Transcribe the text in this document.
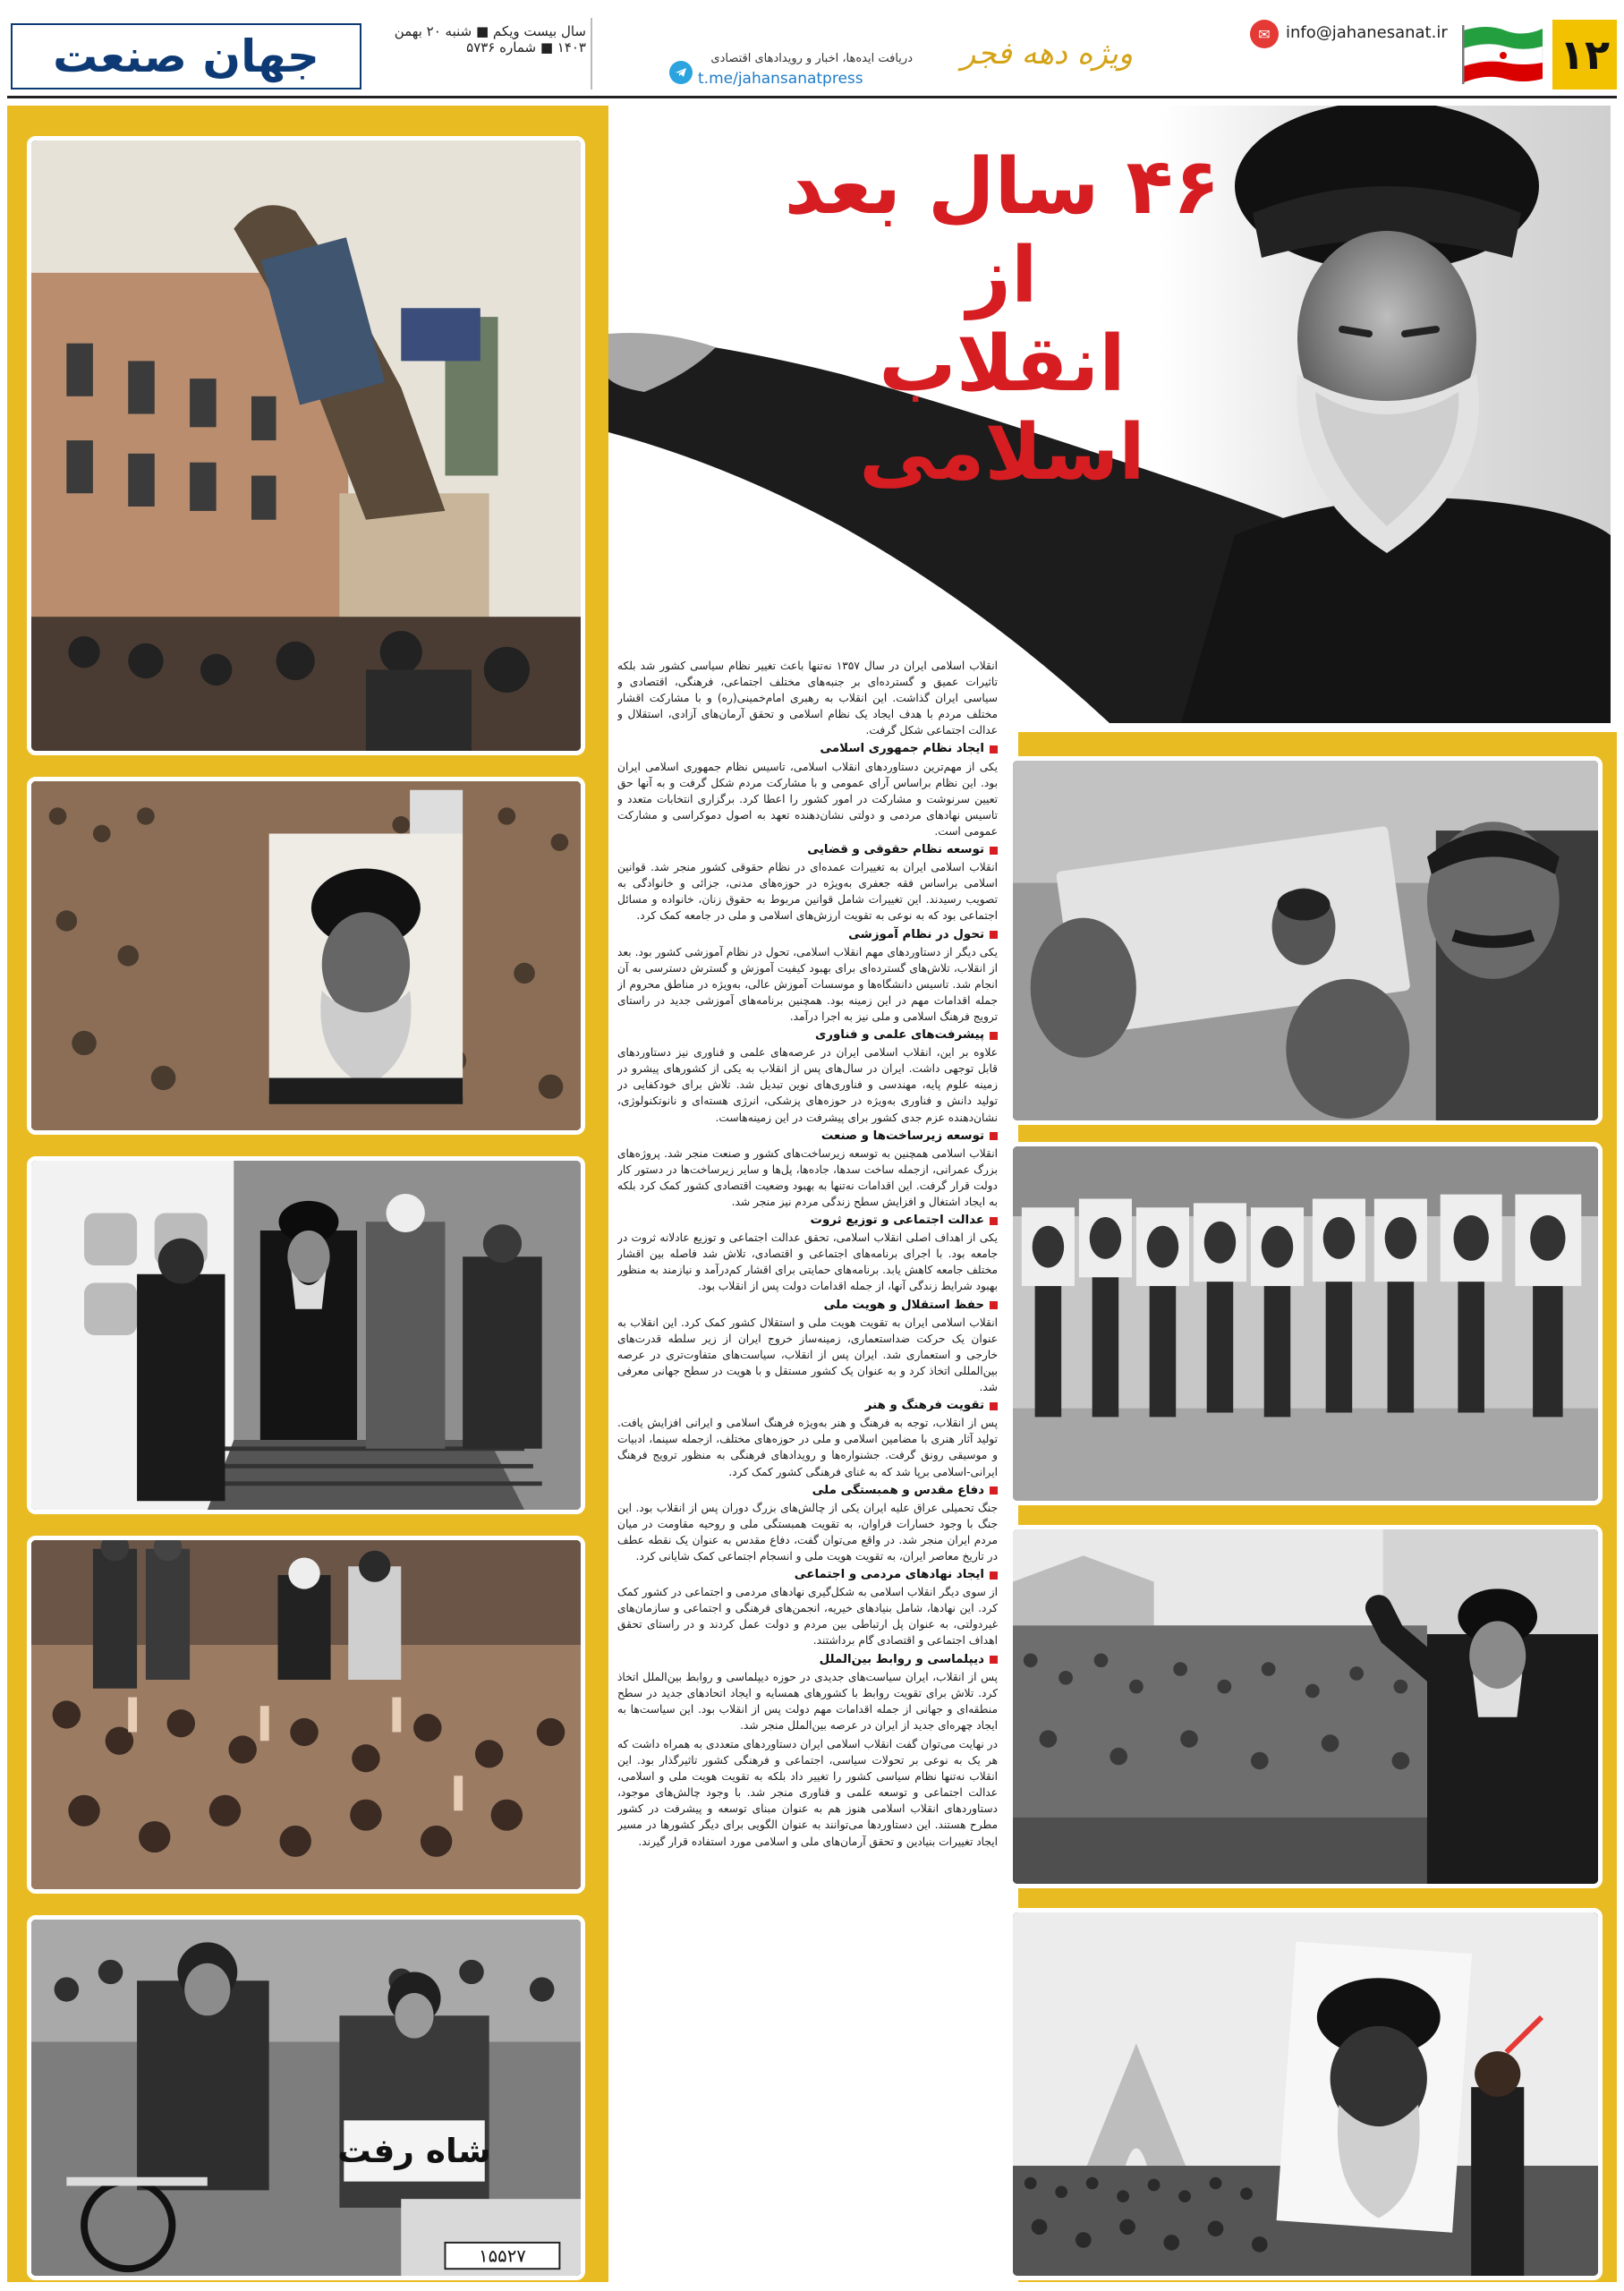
جهان صنعت	سال بیست ویکم ■ شنبه ۲۰ بهمن ۱۴۰۳ ■ شماره ۵۷۳۶
دریافت ایده‌ها، اخبار و رویدادهای اقتصادی
t.me/jahansanatpress
ویژه دهه فجر
✉ info@jahanesanat.ir	۱۲
۴۶ سال بعد از
انقلاب اسلامی
شاه رفت
۱۵۵۲۷

انقلاب اسلامی ایران در سال ۱۳۵۷ نه‌تنها باعث تغییر نظام سیاسی کشور شد بلکه تاثیرات عمیق و گسترده‌ای بر جنبه‌های مختلف اجتماعی، فرهنگی، اقتصادی و سیاسی ایران گذاشت. این انقلاب به رهبری امام‌خمینی(ره) و با مشارکت اقشار مختلف مردم با هدف ایجاد یک نظام اسلامی و تحقق آرمان‌های آزادی، استقلال و عدالت اجتماعی شکل گرفت.

ایجاد نظام جمهوری اسلامی

یکی از مهم‌ترین دستاوردهای انقلاب اسلامی، تاسیس نظام جمهوری اسلامی ایران بود. این نظام براساس آرای عمومی و با مشارکت مردم شکل گرفت و به آنها حق تعیین سرنوشت و مشارکت در امور کشور را اعطا کرد. برگزاری انتخابات متعدد و تاسیس نهادهای مردمی و دولتی نشان‌دهنده تعهد به اصول دموکراسی و مشارکت عمومی است.

توسعه نظام حقوقی و قضایی

انقلاب اسلامی ایران به تغییرات عمده‌ای در نظام حقوقی کشور منجر شد. قوانین اسلامی براساس فقه جعفری به‌ویژه در حوزه‌های مدنی، جزائی و خانوادگی به تصویب رسیدند. این تغییرات شامل قوانین مربوط به حقوق زنان، خانواده و مسائل اجتماعی بود که به نوعی به تقویت ارزش‌های اسلامی و ملی در جامعه کمک کرد.

تحول در نظام آموزشی

یکی دیگر از دستاوردهای مهم انقلاب اسلامی، تحول در نظام آموزشی کشور بود. بعد از انقلاب، تلاش‌های گسترده‌ای برای بهبود کیفیت آموزش و گسترش دسترسی به آن انجام شد. تاسیس دانشگاه‌ها و موسسات آموزش عالی، به‌ویژه در مناطق محروم از جمله اقدامات مهم در این زمینه بود. همچنین برنامه‌های آموزشی جدید در راستای ترویج فرهنگ اسلامی و ملی نیز به اجرا درآمد.

پیشرفت‌های علمی و فناوری

علاوه بر این، انقلاب اسلامی ایران در عرصه‌های علمی و فناوری نیز دستاوردهای قابل توجهی داشت. ایران در سال‌های پس از انقلاب به یکی از کشورهای پیشرو در زمینه علوم پایه، مهندسی و فناوری‌های نوین تبدیل شد. تلاش برای خودکفایی در تولید دانش و فناوری به‌ویژه در حوزه‌های پزشکی، انرژی هسته‌ای و نانوتکنولوژی، نشان‌دهنده عزم جدی کشور برای پیشرفت در این زمینه‌هاست.

توسعه زیرساخت‌ها و صنعت

انقلاب اسلامی همچنین به توسعه زیرساخت‌های کشور و صنعت منجر شد. پروژه‌های بزرگ عمرانی، ازجمله ساخت سدها، جاده‌ها، پل‌ها و سایر زیرساخت‌ها در دستور کار دولت قرار گرفت. این اقدامات نه‌تنها به بهبود وضعیت اقتصادی کشور کمک کرد بلکه به ایجاد اشتغال و افزایش سطح زندگی مردم نیز منجر شد.

عدالت اجتماعی و توزیع ثروت

یکی از اهداف اصلی انقلاب اسلامی، تحقق عدالت اجتماعی و توزیع عادلانه ثروت در جامعه بود. با اجرای برنامه‌های اجتماعی و اقتصادی، تلاش شد فاصله بین اقشار مختلف جامعه کاهش یابد. برنامه‌های حمایتی برای اقشار کم‌درآمد و نیازمند به منظور بهبود شرایط زندگی آنها، از جمله اقدامات دولت پس از انقلاب بود.

حفظ استقلال و هویت ملی

انقلاب اسلامی ایران به تقویت هویت ملی و استقلال کشور کمک کرد. این انقلاب به عنوان یک حرکت ضداستعماری، زمینه‌ساز خروج ایران از زیر سلطه قدرت‌های خارجی و استعماری شد. ایران پس از انقلاب، سیاست‌های متفاوت‌تری در عرصه بین‌المللی اتخاذ کرد و به عنوان یک کشور مستقل و با هویت در سطح جهانی معرفی شد.

تقویت فرهنگ و هنر

پس از انقلاب، توجه به فرهنگ و هنر به‌ویژه فرهنگ اسلامی و ایرانی افزایش یافت. تولید آثار هنری با مضامین اسلامی و ملی در حوزه‌های مختلف، ازجمله سینما، ادبیات و موسیقی رونق گرفت. جشنواره‌ها و رویدادهای فرهنگی به منظور ترویج فرهنگ ایرانی-اسلامی برپا شد که به غنای فرهنگی کشور کمک کرد.

دفاع مقدس و همبستگی ملی

جنگ تحمیلی عراق علیه ایران یکی از چالش‌های بزرگ دوران پس از انقلاب بود. این جنگ با وجود خسارات فراوان، به تقویت همبستگی ملی و روحیه مقاومت در میان مردم ایران منجر شد. در واقع می‌توان گفت، دفاع مقدس به عنوان یک نقطه عطف در تاریخ معاصر ایران، به تقویت هویت ملی و انسجام اجتماعی کمک شایانی کرد.

ایجاد نهادهای مردمی و اجتماعی

از سوی دیگر انقلاب اسلامی به شکل‌گیری نهادهای مردمی و اجتماعی در کشور کمک کرد. این نهادها، شامل بنیادهای خیریه، انجمن‌های فرهنگی و اجتماعی و سازمان‌های غیردولتی، به عنوان پل ارتباطی بین مردم و دولت عمل کردند و در راستای تحقق اهداف اجتماعی و اقتصادی گام برداشتند.

دیپلماسی و روابط بین‌الملل

پس از انقلاب، ایران سیاست‌های جدیدی در حوزه دیپلماسی و روابط بین‌الملل اتخاذ کرد. تلاش برای تقویت روابط با کشورهای همسایه و ایجاد اتحادهای جدید در سطح منطقه‌ای و جهانی از جمله اقدامات مهم دولت پس از انقلاب بود. این سیاست‌ها به ایجاد چهره‌ای جدید از ایران در عرصه بین‌الملل منجر شد.

در نهایت می‌توان گفت انقلاب اسلامی ایران دستاوردهای متعددی به همراه داشت که هر یک به نوعی بر تحولات سیاسی، اجتماعی و فرهنگی کشور تاثیرگذار بود. این انقلاب نه‌تنها نظام سیاسی کشور را تغییر داد بلکه به تقویت هویت ملی و اسلامی، عدالت اجتماعی و توسعه علمی و فناوری منجر شد. با وجود چالش‌های موجود، دستاوردهای انقلاب اسلامی هنوز هم به عنوان مبنای توسعه و پیشرفت در کشور مطرح هستند. این دستاوردها می‌توانند به عنوان الگویی برای دیگر کشورها در مسیر ایجاد تغییرات بنیادین و تحقق آرمان‌های ملی و اسلامی مورد استفاده قرار گیرند.
